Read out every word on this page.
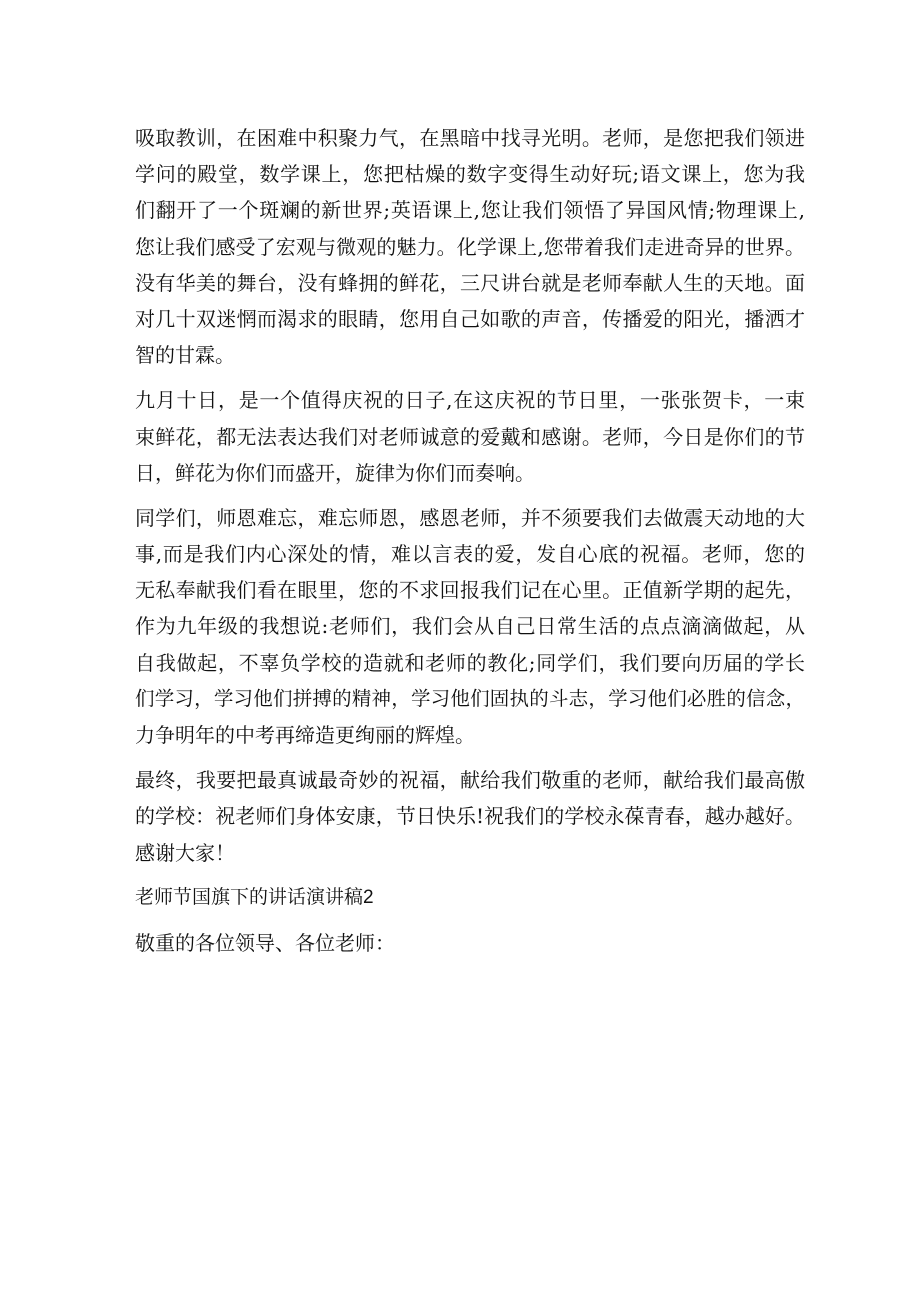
吸取教训，在困难中积聚力气，在黑暗中找寻光明。老师，是您把我们领进
学问的殿堂，数学课上，您把枯燥的数字变得生动好玩;语文课上，您为我
们翻开了一个斑斓的新世界;英语课上,您让我们领悟了异国风情;物理课上,
您让我们感受了宏观与微观的魅力。化学课上,您带着我们走进奇异的世界。
没有华美的舞台，没有蜂拥的鲜花，三尺讲台就是老师奉献人生的天地。面
对几十双迷惘而渴求的眼睛，您用自己如歌的声音，传播爱的阳光，播洒才
智的甘霖。
九月十日，是一个值得庆祝的日子,在这庆祝的节日里，一张张贺卡，一束
束鲜花，都无法表达我们对老师诚意的爱戴和感谢。老师，今日是你们的节
日，鲜花为你们而盛开，旋律为你们而奏响。
同学们，师恩难忘，难忘师恩，感恩老师，并不须要我们去做震天动地的大
事,而是我们内心深处的情，难以言表的爱，发自心底的祝福。老师，您的
无私奉献我们看在眼里，您的不求回报我们记在心里。正值新学期的起先，
作为九年级的我想说:老师们，我们会从自己日常生活的点点滴滴做起，从
自我做起，不辜负学校的造就和老师的教化;同学们，我们要向历届的学长
们学习，学习他们拼搏的精神，学习他们固执的斗志，学习他们必胜的信念，
力争明年的中考再缔造更绚丽的辉煌。
最终，我要把最真诚最奇妙的祝福，献给我们敬重的老师，献给我们最高傲
的学校：祝老师们身体安康，节日快乐!祝我们的学校永葆青春，越办越好。
感谢大家！
老师节国旗下的讲话演讲稿2
敬重的各位领导、各位老师：
